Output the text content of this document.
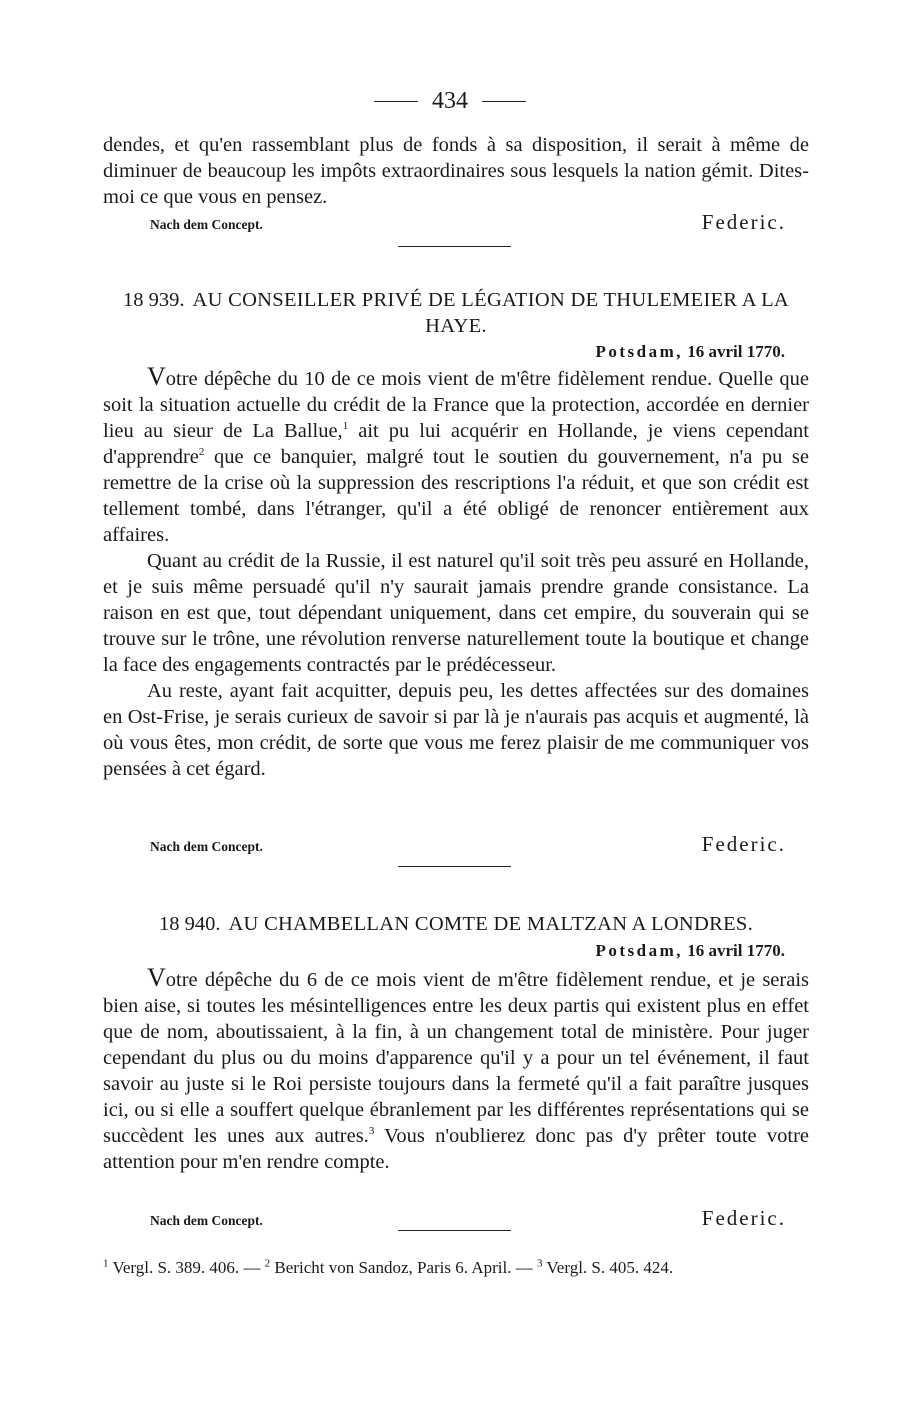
434

dendes, et qu'en rassemblant plus de fonds à sa disposition, il serait à même de diminuer de beaucoup les impôts extraordinaires sous lesquels la nation gémit. Dites-moi ce que vous en pensez.

Nach dem Concept.	Federic.
18 939. AU CONSEILLER PRIVÉ DE LÉGATION DE THULEMEIER A LA HAYE.
Potsdam, 16 avril 1770.

Votre dépêche du 10 de ce mois vient de m'être fidèlement rendue. Quelle que soit la situation actuelle du crédit de la France que la protection, accordée en dernier lieu au sieur de La Ballue,$^1$ ait pu lui acquérir en Hollande, je viens cependant d'apprendre$^2$ que ce banquier, malgré tout le soutien du gouvernement, n'a pu se remettre de la crise où la suppression des rescriptions l'a réduit, et que son crédit est tellement tombé, dans l'étranger, qu'il a été obligé de renoncer entièrement aux affaires.

Quant au crédit de la Russie, il est naturel qu'il soit très peu assuré en Hollande, et je suis même persuadé qu'il n'y saurait jamais prendre grande consistance. La raison en est que, tout dépendant uniquement, dans cet empire, du souverain qui se trouve sur le trône, une révolution renverse naturellement toute la boutique et change la face des engagements contractés par le prédécesseur.

Au reste, ayant fait acquitter, depuis peu, les dettes affectées sur des domaines en Ost-Frise, je serais curieux de savoir si par là je n'aurais pas acquis et augmenté, là où vous êtes, mon crédit, de sorte que vous me ferez plaisir de me communiquer vos pensées à cet égard.

Nach dem Concept.	Federic.
18 940. AU CHAMBELLAN COMTE DE MALTZAN A LONDRES.
Potsdam, 16 avril 1770.

Votre dépêche du 6 de ce mois vient de m'être fidèlement rendue, et je serais bien aise, si toutes les mésintelligences entre les deux partis qui existent plus en effet que de nom, aboutissaient, à la fin, à un changement total de ministère. Pour juger cependant du plus ou du moins d'apparence qu'il y a pour un tel événement, il faut savoir au juste si le Roi persiste toujours dans la fermeté qu'il a fait paraître jusques ici, ou si elle a souffert quelque ébranlement par les différentes représentations qui se succèdent les unes aux autres.$^3$ Vous n'oublierez donc pas d'y prêter toute votre attention pour m'en rendre compte.

Nach dem Concept.	Federic.

$^1$ Vergl. S. 389. 406. — $^2$ Bericht von Sandoz, Paris 6. April. — $^3$ Vergl. S. 405. 424.
